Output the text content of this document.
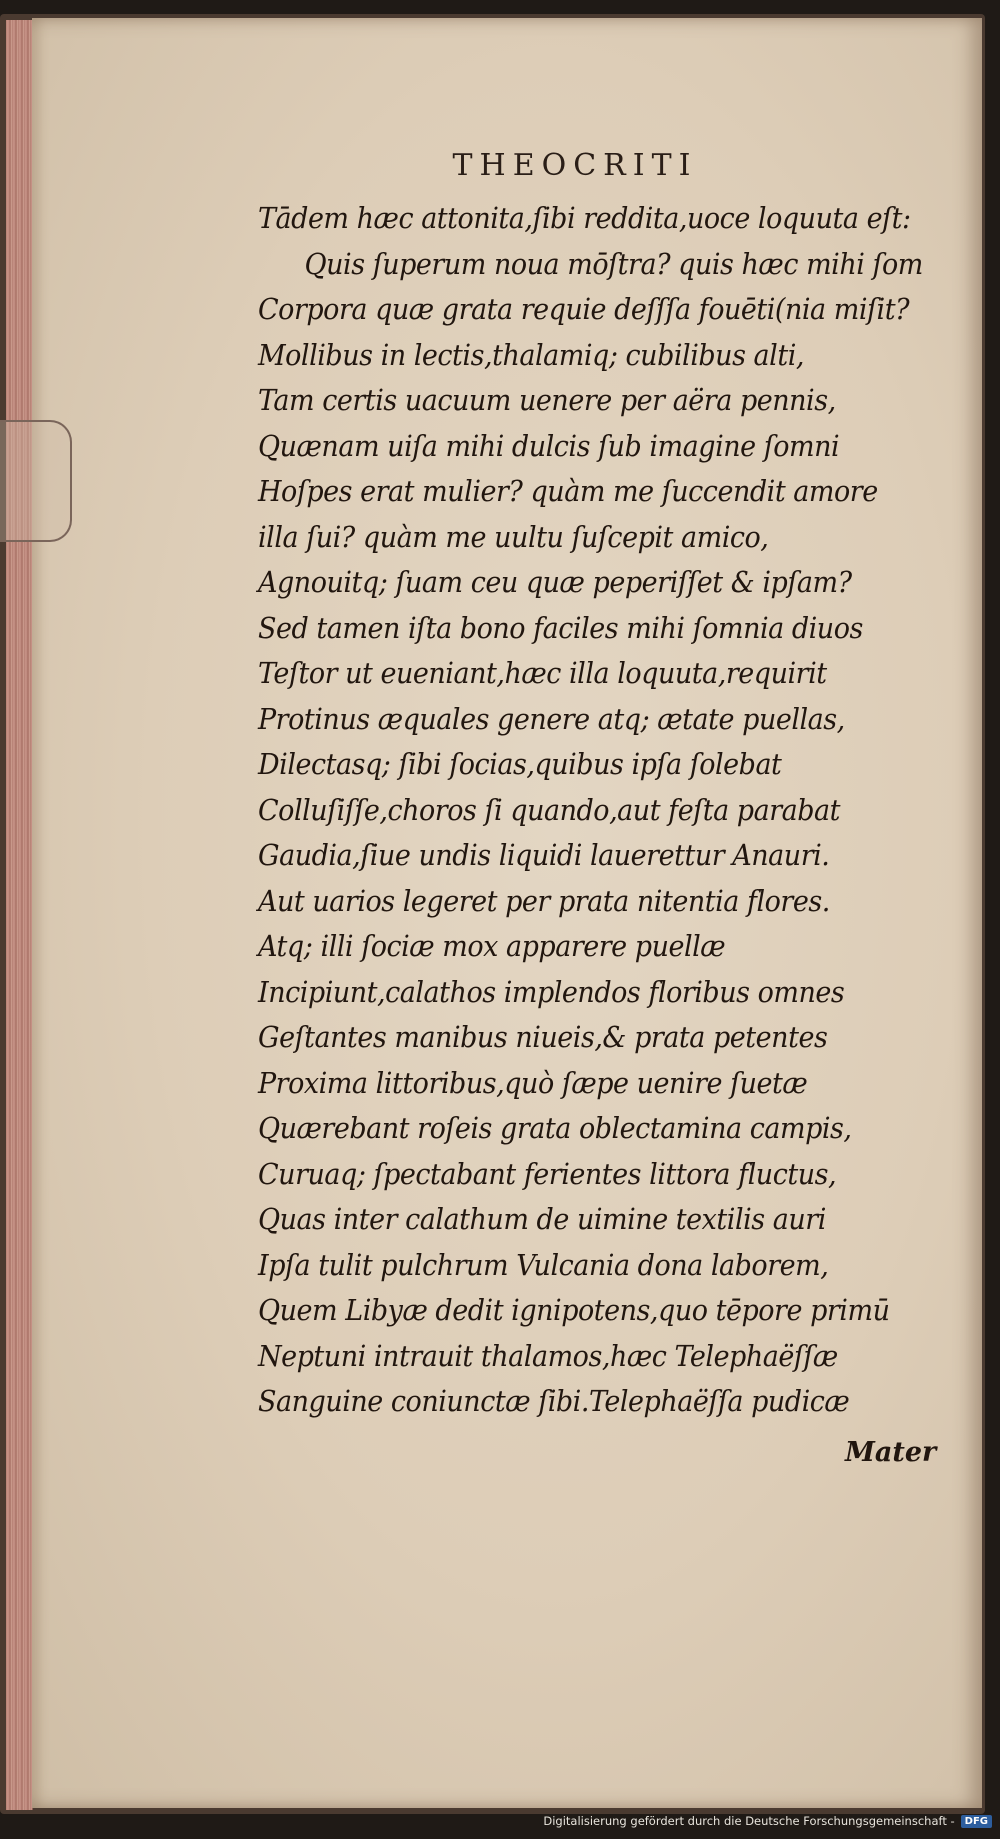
THEOCRITI
Tādem hæc attonita,ſibi reddita,uoce loquuta eſt:
Quis ſuperum noua mōſtra? quis hæc mihi ſom
Corpora quæ grata requie deſſſa fouēti(nia miſit?
Mollibus in lectis,thalamiq; cubilibus alti,
Tam certis uacuum uenere per aëra pennis,
Quænam uiſa mihi dulcis ſub imagine ſomni
Hoſpes erat mulier? quàm me ſuccendit amore
illa ſui? quàm me uultu ſuſcepit amico,
Agnouitq; ſuam ceu quæ peperiſſet & ipſam?
Sed tamen iſta bono faciles mihi ſomnia diuos
Teſtor ut eueniant,hæc illa loquuta,requirit
Protinus æquales genere atq; ætate puellas,
Dilectasq; ſibi ſocias,quibus ipſa ſolebat
Colluſiſſe,choros ſi quando,aut feſta parabat
Gaudia,ſiue undis liquidi lauerettur Anauri.
Aut uarios legeret per prata nitentia flores.
Atq; illi ſociæ mox apparere puellæ
Incipiunt,calathos implendos floribus omnes
Geſtantes manibus niueis,& prata petentes
Proxima littoribus,quò ſæpe uenire ſuetæ
Quærebant roſeis grata oblectamina campis,
Curuaq; ſpectabant ferientes littora fluctus,
Quas inter calathum de uimine textilis auri
Ipſa tulit pulchrum Vulcania dona laborem,
Quem Libyæ dedit ignipotens,quo tēpore primū
Neptuni intrauit thalamos,hæc Telephaëſſæ
Sanguine coniunctæ ſibi.Telephaëſſa pudicæ
Mater
Digitalisierung gefördert durch die Deutsche Forschungsgemeinschaft -	DFG
